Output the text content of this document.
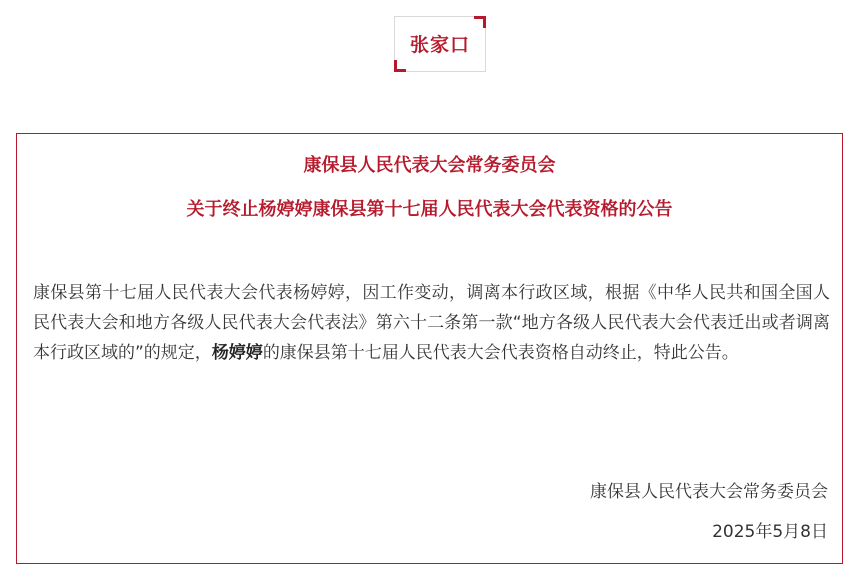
张家口
康保县人民代表大会常务委员会
关于终止杨婷婷康保县第十七届人民代表大会代表资格的公告

康保县第十七届人民代表大会代表杨婷婷，因工作变动，调离本行政区域，根据《中华人民共和国全国人民代表大会和地方各级人民代表大会代表法》第六十二条第一款“地方各级人民代表大会代表迁出或者调离本行政区域的”的规定，杨婷婷的康保县第十七届人民代表大会代表资格自动终止，特此公告。

康保县人民代表大会常务委员会
2025年5月8日
